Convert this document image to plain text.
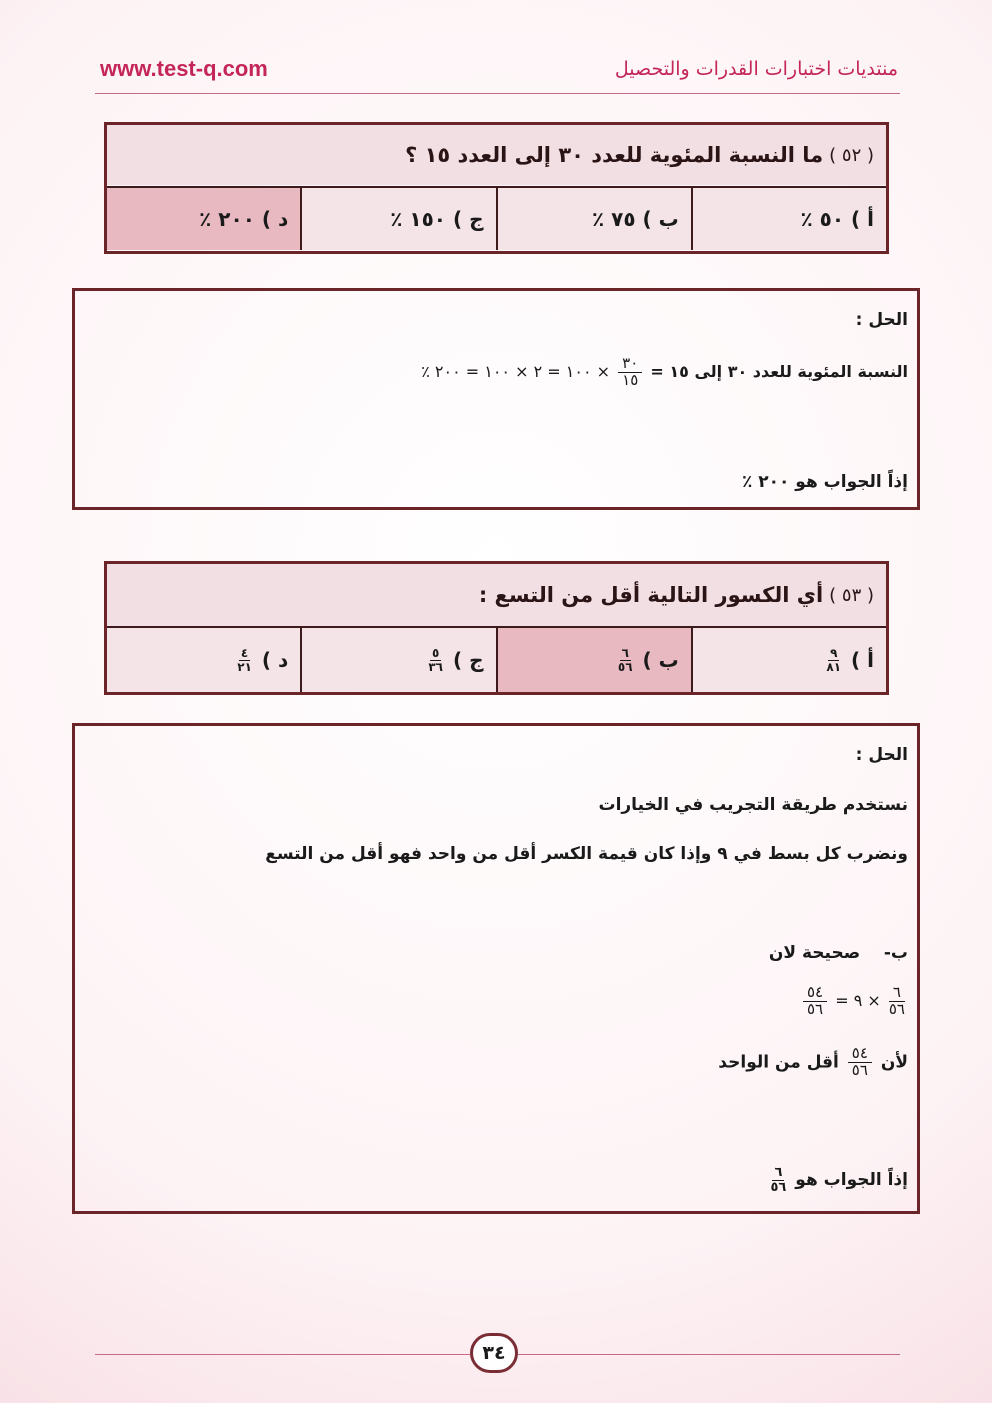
www.test-q.com	منتديات اختبارات القدرات والتحصيل
( ٥٢ )
ما النسبة المئوية للعدد ٣٠ إلى العدد ١٥ ؟
أ )

٥٠ ٪
ب )

٧٥ ٪
ج )

١٥٠ ٪
د )

٢٠٠ ٪
الحل :
النسبة المئوية للعدد ٣٠ إلى ١٥ =
$\frac{٣٠}{١٥}$
× ١٠٠ = ٢ × ١٠٠ = ٢٠٠ ٪
إذاً الجواب هو ٢٠٠ ٪
( ٥٣ )
أي الكسور التالية أقل من التسع :
أ )

$\frac{٩}{٨١}$
ب )

$\frac{٦}{٥٦}$
ج )

$\frac{٥}{٣٦}$
د )

$\frac{٤}{٢١}$
الحل :
نستخدم طريقة التجريب في الخيارات
ونضرب كل بسط في ٩ وإذا كان قيمة الكسر أقل من واحد فهو أقل من التسع
ب-    صحيحة لان
$\frac{٦}{٥٦}$
× ٩ =
$\frac{٥٤}{٥٦}$
لأن
$\frac{٥٤}{٥٦}$
أقل من الواحد
إذاً الجواب هو
$\frac{٦}{٥٦}$
٣٤
